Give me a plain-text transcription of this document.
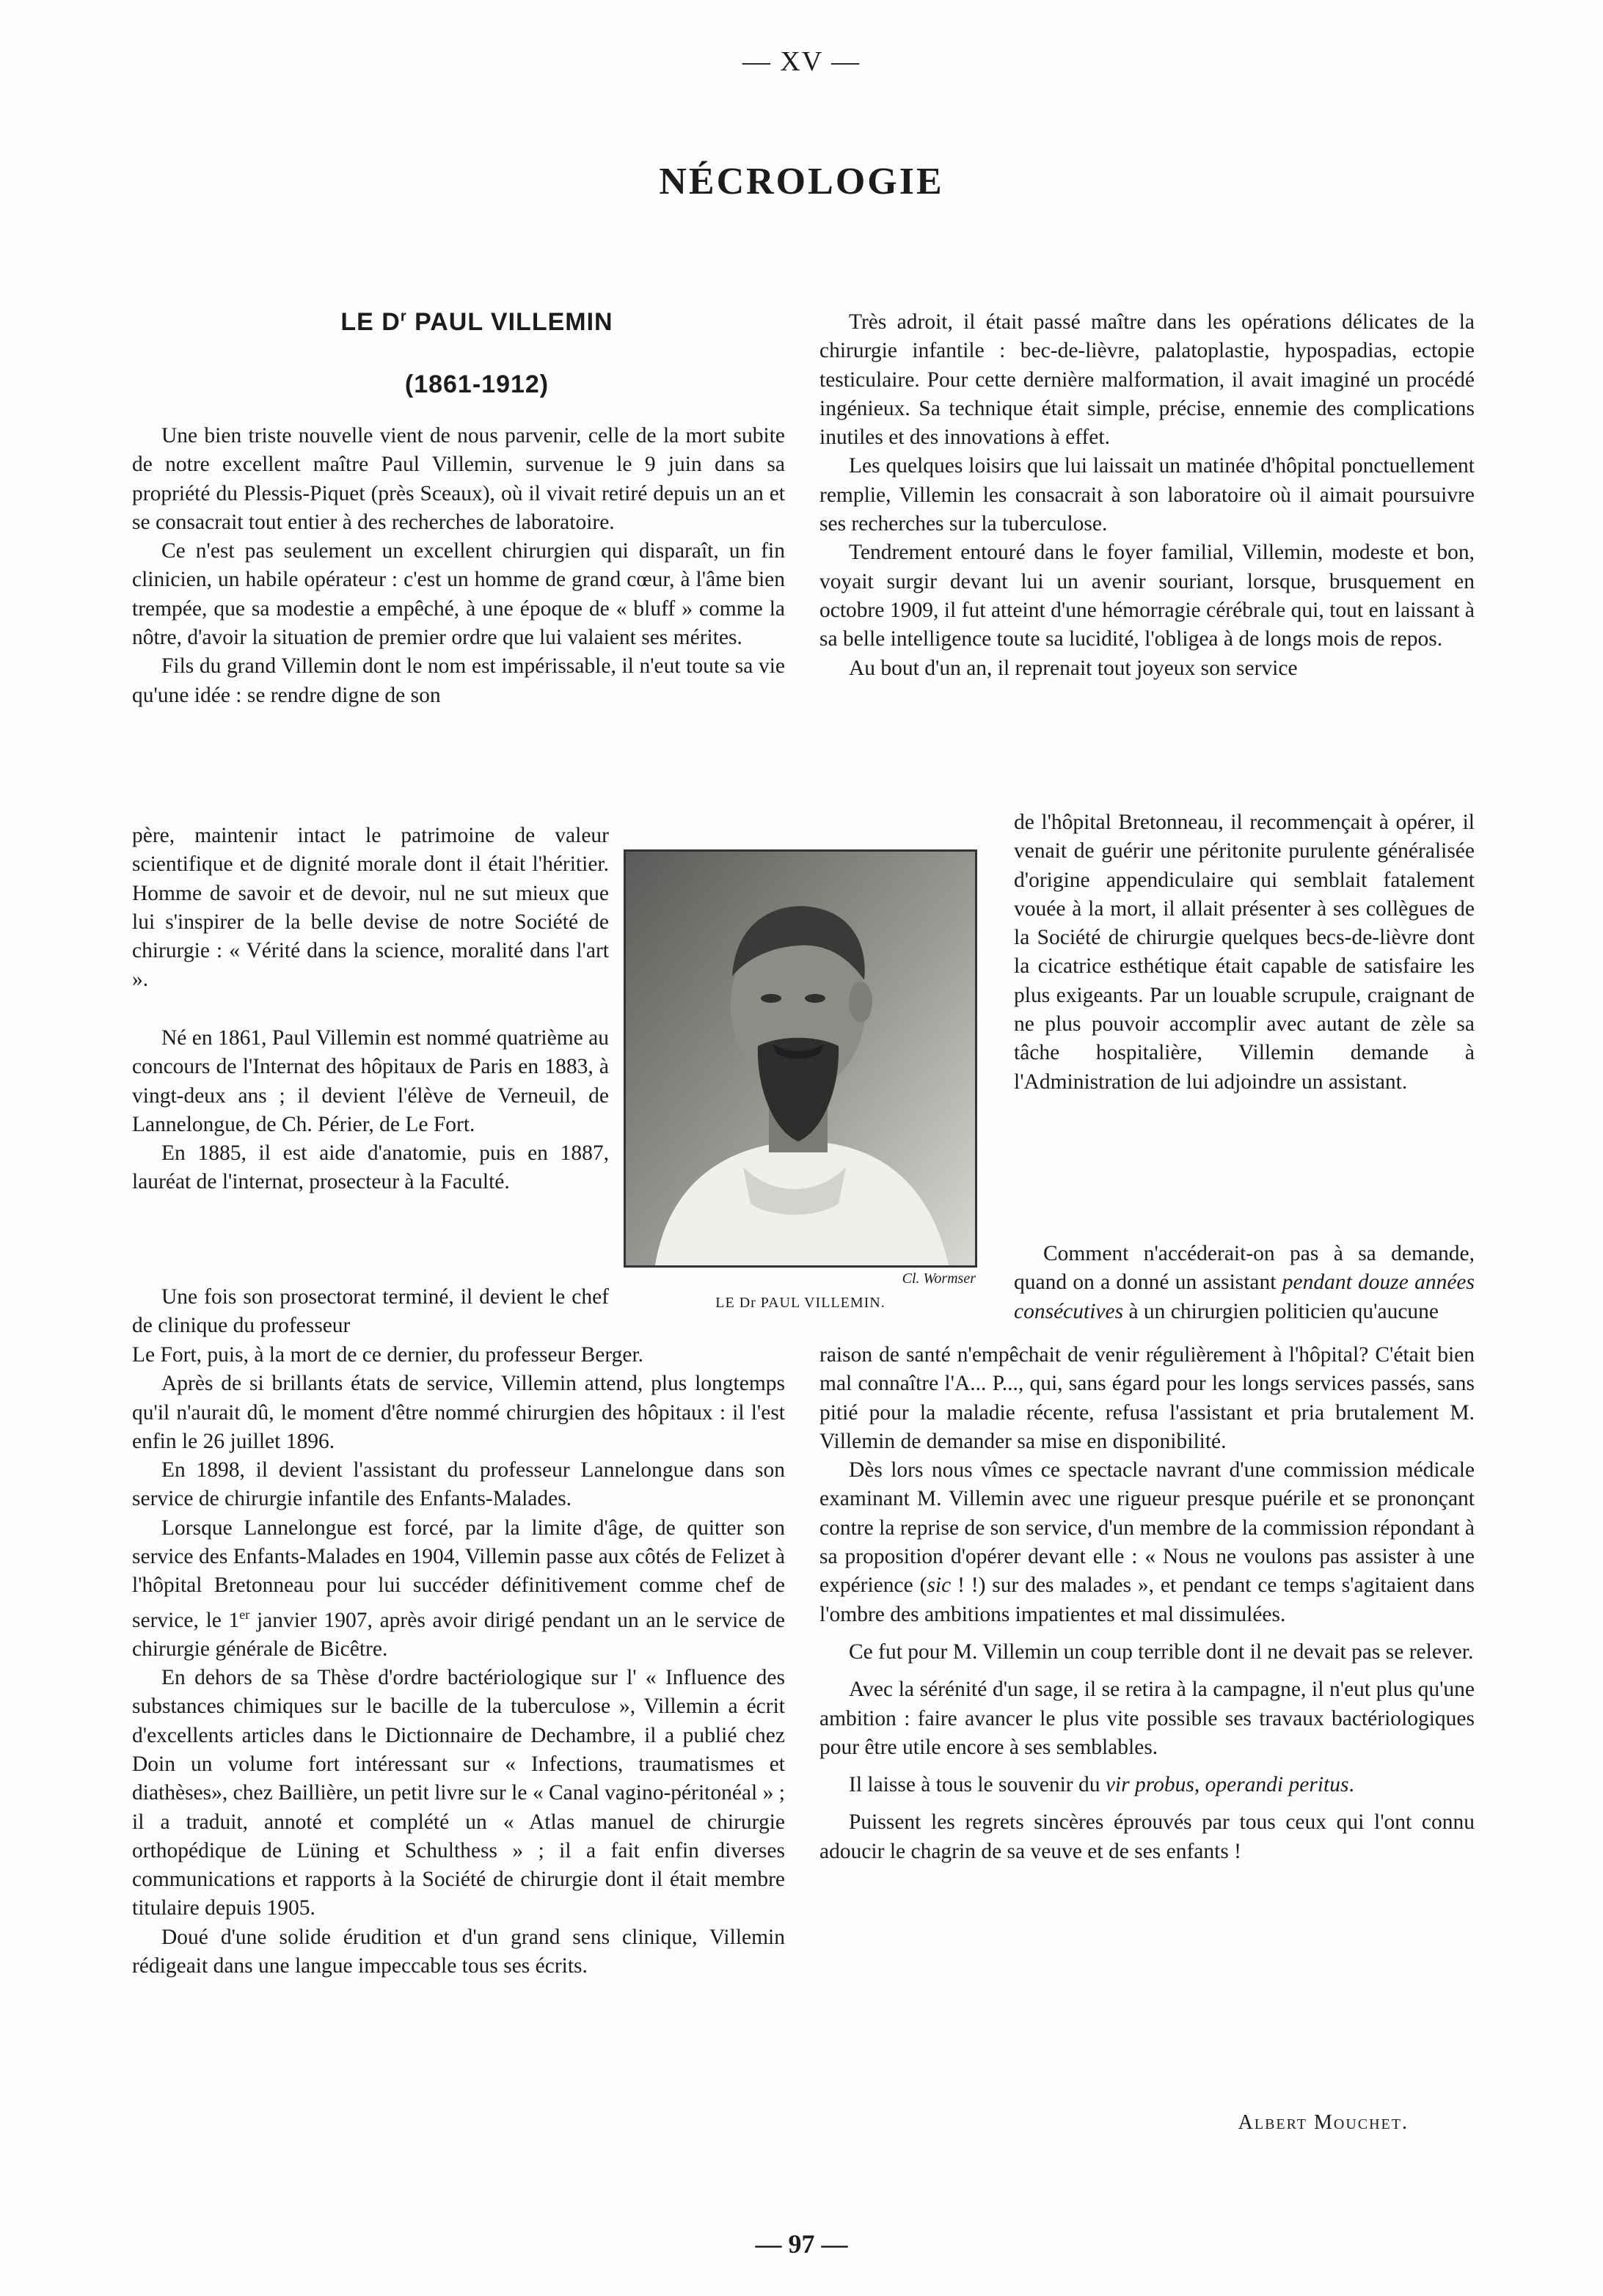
— XV —
NÉCROLOGIE
LE $D^r$ PAUL VILLEMIN
(1861-1912)

Une bien triste nouvelle vient de nous parvenir, celle de la mort subite de notre excellent maître Paul Villemin, survenue le 9 juin dans sa propriété du Plessis-Piquet (près Sceaux), où il vivait retiré depuis un an et se consacrait tout entier à des recherches de laboratoire.

Ce n'est pas seulement un excellent chirurgien qui disparaît, un fin clinicien, un habile opérateur : c'est un homme de grand cœur, à l'âme bien trempée, que sa modestie a empêché, à une époque de « bluff » comme la nôtre, d'avoir la situation de premier ordre que lui valaient ses mérites.

Fils du grand Villemin dont le nom est impérissable, il n'eut toute sa vie qu'une idée : se rendre digne de son

père, maintenir intact le patrimoine de valeur scientifique et de dignité morale dont il était l'héritier. Homme de savoir et de devoir, nul ne sut mieux que lui s'inspirer de la belle devise de notre Société de chirurgie : « Vérité dans la science, moralité dans l'art ».

Né en 1861, Paul Villemin est nommé quatrième au concours de l'Internat des hôpitaux de Paris en 1883, à vingt-deux ans ; il devient l'élève de Verneuil, de Lannelongue, de Ch. Périer, de Le Fort.

En 1885, il est aide d'anatomie, puis en 1887, lauréat de l'internat, prosecteur à la Faculté.

Une fois son prosectorat terminé, il devient le chef de clinique du professeur

Le Fort, puis, à la mort de ce dernier, du professeur Berger.

Après de si brillants états de service, Villemin attend, plus longtemps qu'il n'aurait dû, le moment d'être nommé chirurgien des hôpitaux : il l'est enfin le 26 juillet 1896.

En 1898, il devient l'assistant du professeur Lannelongue dans son service de chirurgie infantile des Enfants-Malades.

Lorsque Lannelongue est forcé, par la limite d'âge, de quitter son service des Enfants-Malades en 1904, Villemin passe aux côtés de Felizet à l'hôpital Bretonneau pour lui succéder définitivement comme chef de service, le 1er janvier 1907, après avoir dirigé pendant un an le service de chirurgie générale de Bicêtre.

En dehors de sa Thèse d'ordre bactériologique sur l' « Influence des substances chimiques sur le bacille de la tuberculose », Villemin a écrit d'excellents articles dans le Dictionnaire de Dechambre, il a publié chez Doin un volume fort intéressant sur « Infections, traumatismes et diathèses», chez Baillière, un petit livre sur le « Canal vagino-péritonéal » ; il a traduit, annoté et complété un « Atlas manuel de chirurgie orthopédique de Lüning et Schulthess » ; il a fait enfin diverses communications et rapports à la Société de chirurgie dont il était membre titulaire depuis 1905.

Doué d'une solide érudition et d'un grand sens clinique, Villemin rédigeait dans une langue impeccable tous ses écrits.

Très adroit, il était passé maître dans les opérations délicates de la chirurgie infantile : bec-de-lièvre, palatoplastie, hypospadias, ectopie testiculaire. Pour cette dernière malformation, il avait imaginé un procédé ingénieux. Sa technique était simple, précise, ennemie des complications inutiles et des innovations à effet.

Les quelques loisirs que lui laissait un matinée d'hôpital ponctuellement remplie, Villemin les consacrait à son laboratoire où il aimait poursuivre ses recherches sur la tuberculose.

Tendrement entouré dans le foyer familial, Villemin, modeste et bon, voyait surgir devant lui un avenir souriant, lorsque, brusquement en octobre 1909, il fut atteint d'une hémorragie cérébrale qui, tout en laissant à sa belle intelligence toute sa lucidité, l'obligea à de longs mois de repos.

Au bout d'un an, il reprenait tout joyeux son service

de l'hôpital Bretonneau, il recommençait à opérer, il venait de guérir une péritonite purulente généralisée d'origine appendiculaire qui semblait fatalement vouée à la mort, il allait présenter à ses collègues de la Société de chirurgie quelques becs-de-lièvre dont la cicatrice esthétique était capable de satisfaire les plus exigeants. Par un louable scrupule, craignant de ne plus pouvoir accomplir avec autant de zèle sa tâche hospitalière, Villemin demande à l'Administration de lui adjoindre un assistant.

Comment n'accéderait-on pas à sa demande, quand on a donné un assistant pendant douze années consécutives à un chirurgien politicien qu'aucune

raison de santé n'empêchait de venir régulièrement à l'hôpital? C'était bien mal connaître l'A... P..., qui, sans égard pour les longs services passés, sans pitié pour la maladie récente, refusa l'assistant et pria brutalement M. Villemin de demander sa mise en disponibilité.

Dès lors nous vîmes ce spectacle navrant d'une commission médicale examinant M. Villemin avec une rigueur presque puérile et se prononçant contre la reprise de son service, d'un membre de la commission répondant à sa proposition d'opérer devant elle : « Nous ne voulons pas assister à une expérience (sic ! !) sur des malades », et pendant ce temps s'agitaient dans l'ombre des ambitions impatientes et mal dissimulées.

Ce fut pour M. Villemin un coup terrible dont il ne devait pas se relever.

Avec la sérénité d'un sage, il se retira à la campagne, il n'eut plus qu'une ambition : faire avancer le plus vite possible ses travaux bactériologiques pour être utile encore à ses semblables.

Il laisse à tous le souvenir du vir probus, operandi peritus.

Puissent les regrets sincères éprouvés par tous ceux qui l'ont connu adoucir le chagrin de sa veuve et de ses enfants !

Cl. Wormser
LE Dr PAUL VILLEMIN.
Albert Mouchet.
— 97 —
